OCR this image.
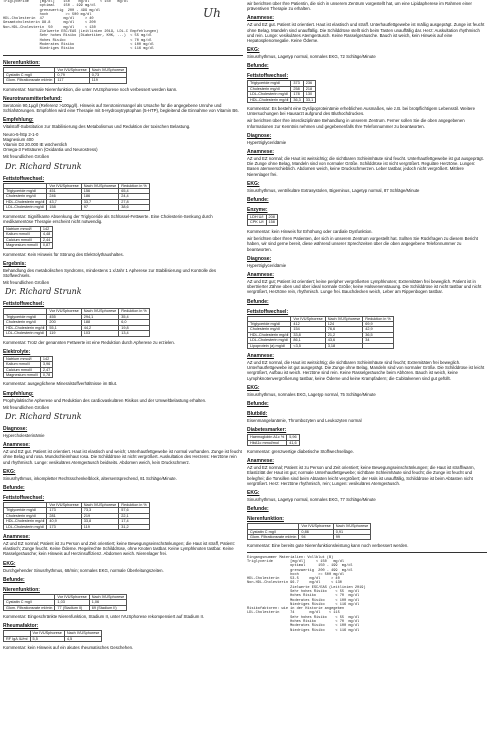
Triglyceride     [mg/dl]    150    mg/dl     < 150   mg/dl
optimal    150 - 199 mg/dl
grenzwertig  200 - 499 mg/dl
hoch        >= 500 mg/dl
HDL-Cholesterin  47         mg/dl     > 40
Gesamtcholesterin 98.8      mg/dl     < 200
Non-HDL-Cholesterin  50     mg/dl     < 130
Zielwerte ESC/EAS (Leitlinien 2019, LDL-C Empfehlungen)
Sehr hohes Risiko (Diabetiker, KHK, ...)  < 55 mg/dl
Hohes Risiko                              < 70 mg/dl
Moderates Risiko                          < 100 mg/dl
Niedriges Risiko                          < 116 mg/dl
Uh
Nierenfunktion:
	Vor IVUSphorese	Nach IVUSphorese
Cystatin C mg/l	0,79	0,73
Glom. Filtrationsrate ml/min	117	119
Kommentar: Normale Nierenfunktion, die unter IVUSphorese noch verbessert werden kann.
Neurotransmitterbefund:
Serotonin 90,1µg/l (Referenz >100µg/l). Hinweis auf Serotoninmangel als Ursache für die angegebene Unruhe und Schlafstörungen. Empfohlen wird eine Therapie mit 5-Hydroxytryptophan (5-HTP), begleitend die Einnahme von Vitamin B6.
Empfehlung:
Vitalstoff-Substitution zur Stabilisierung des Metabolismus und Reduktion der toxischen Belastung.
Neuro-5-http 2-1-0
Magnesium 400
Vitamin D3 20.000 IE wöchentlich
Omega-3 Fettsäuren (Oxidantia und Neurostress)
Mit freundlichen Grüßen
Dr. Richard Strunk
Fettstoffwechsel:
	Vor IVUSphorese	Nach IVUSphorese	Reduktion in %
Triglyceride mg/dl	451	156	65,4
Cholesterin mg/dl	246	186	24,4
HDL-Cholesterin mg/dl	43,7	33,7	27,8
LDL-Cholesterin mg/dl	158	97	38,6
Kommentar: Signifikante Absenkung der Triglyceride als Schlüssel-Fettwerte. Eine Cholesterin-Senkung durch medikamentöse Therapie erscheint nicht notwendig.
Natrium mmol/l	142
Kalium mmol/l	4,48
Calcium mmol/l	2,44
Magnesium mmol/l	0,87
Kommentar: Kein Hinweis für Störung des Elektrolythaushaltes.
Ergebnis:
Behandlung des metabolischen Syndroms, mindestens 1 x/Jahr 1 Apherese zur Stabilisierung und Kontrolle des Stoffwechsels.
Mit freundlichen Grüßen
Dr. Richard Strunk
Fettstoffwechsel:
	Vor IVUSphorese	Nach IVUSphorese	Reduktion in %
Triglyceride mg/dl	455	294,1	35,4
Cholesterin mg/dl	200	188	6,0
HDL-Cholesterin mg/dl	55,1	44,2	19,8
LDL-Cholesterin mg/dl	119	103	13,4
Kommentar: Trotz der genannten Fettwerte ist eine Reduktion durch Apherese zu erzielen.
Elektrolyte:
Natrium mmol/l	142
Kalium mmol/l	3,96
Calcium mmol/l	2,47
Magnesium mmol/l	0,78
Kommentar: ausgeglichene Mineralstoffverhältnisse im Blut.
Empfehlung:
Prophylaktische Apherese und Reduktion des cardiovaskulären Risikos und der Umweltbelastung erhalten.
Mit freundlichen Grüßen
Dr. Richard Strunk
Diagnose:
Hypercholesterinämie
Anamnese:
AZ und EZ gut. Patient ist orientiert. Haut ist elastisch und weich; Unterhautfettgewebe ist normal vorhanden. Zunge ist feucht ohne Belag und rosa. Mundschleimhaut rosa. Die Schilddrüse ist nicht vergrößert. Auskultation des Herzens: Herztöne rein und rhythmisch. Lunge: vesikuläres Atemgeräusch beidseits. Abdomen weich, kein Druckschmerz.
EKG:
Sinusrhythmus, inkompletter Rechtsschenkelblock, altersentsprechend, 81 Schläge/Minute.
Befunde:
Fettstoffwechsel:
	Vor IVUSphorese	Nach IVUSphorese	Reduktion in %
Triglyceride mg/dl	173	73,3	57,6
Cholesterin mg/dl	281	219	22,1
HDL-Cholesterin mg/dl	40,9	33,8	17,4
LDL-Cholesterin mg/dl	173	119	31,2
Anamnese:
AZ und EZ normal; Patient ist zu Person und Zeit orientiert; keine Bewegungseinschränkungen; die Haut ist straff, Patient: elastisch; Zunge feucht. Keine Ödeme. Regelrechte Schilddrüse, ohne Knoten tastbar. Keine Lymphknoten tastbar. Keine Rasselgeräusche; kein Hinweis auf Herzinsuffizienz. Abdomen weich. Nierenlager frei.
EKG:
Durchgehender Sinusrhythmus, 68/min; normales EKG, normale Überleitungszeiten.
Befunde:
Nierenfunktion:
	Vor IVUSphorese	Nach IVUSphorese
Cystatin C mg/l	1,03	1,06
Glom. Filtrationsrate ml/min	77 (Stadium II)	69 (Stadium II)
Kommentar: Eingeschränkte Nierenfunktion, Stadium II, unter IVUSphorese rekompensiert auf Stadium II.
Rheumafaktor:
	Vor IVUSphorese	Nach IVUSphorese
RF IgA IU/ml	5,5	4,5
Kommentar: kein Hinweis auf ein akutes rheumatisches Geschehen.
wir berichten über Ihre Patientin, die sich in unserem Zentrum vorgestellt hat, um eine Lipidapherese im Rahmen einer präventiven Therapie zu erhalten.
Anamnese:
AZ und EZ gut. Patient ist orientiert. Haut ist elastisch und straff. Unterhautfettgewebe ist mäßig ausgeprägt. Zunge ist feucht ohne Belag. Mandeln sind unauffällig. Die Schilddrüse stellt sich beim Tasten unauffällig dar. Herz: Auskultation rhythmisch und rein. Lunge: vesikuläres Atemgeräusch. Keine Rasselgeräusche. Bauch ist weich, kein Hinweis auf eine Hepatosplenomegalie. Keine Ödeme.
EKG:
Sinusrhythmus, Lagetyp normal, normales EKG, 72 Schläge/Minute
Befunde:
Fettstoffwechsel:
Triglyceride mg/dl	373	236
Cholesterin mg/dl	258	218
LDL-Cholesterin mg/dl	178	130
HDL-Cholesterin mg/dl	36,3	33,1
Kommentar: Es besteht eine Dyslipoproteinämie erheblichen Ausmaßes, wie z.B. bei brotpflichtigem Lebensstil. Weitere Untersuchungen bei Hausarzt aufgrund des Bluthochdruckes.
wir berichten über Ihre interdisziplinäre Behandlung in unserem Zentrum. Ferner sollen Sie die oben angegebenen Informationen zur Kenntnis nehmen und gegebenenfalls Ihre Telefonnummer zu beantworten.
Diagnose:
Hypertriglyceridämie
Anamnese:
AZ und EZ normal; die Haut ist weitsichtig; die sichtbaren Schleimhäute sind feucht. Unterhautfettgewebe ist gut ausgeprägt. Die Zunge ohne Belag, Mandeln sind von normaler Größe. Schilddrüse ist nicht vergrößert. Reguläre Herztöne. Lungen: Basen atemverschieblich. Abdomen weich, keine Druckschmerzen. Leber tastbar, jedoch nicht vergrößert. Mittlere Nierenlager frei.
EKG:
Sinusrhythmus, ventrikuläre Extrasystolen, Bigeminus, Lagetyp normal, 87 Schläge/Minute
Befunde:
Enzyme:
LDH U/l	208
CPK U/l	158
Kommentar: kein Hinweis für Erhöhung oder cardiale Dysfunktion.
wir berichten über Ihren Patienten, der sich in unserem Zentrum vorgestellt hat. Sollten Sie Rückfragen zu diesem Bericht haben, wir sind gerne bereit, diese während unserer Sprechzeiten über die oben angegebene Telefonnummer zu beantworten.
Diagnose:
Hypertriglyceridämie
Anamnese:
AZ und EZ gut; Patient ist orientiert; keine peripher vergrößerten Lymphknoten; Extremitäten frei beweglich. Patient ist in übertrierter Zähne oben und über ideal normale Größe; keine Halsvenenstauung. Die Schilddrüse ist nicht tastbar und nicht vergrößert, Herztöne rein, rhythmisch. Lunge frei. Bauchdecken weich, Leber am Rippenbogen tastbar.
Befunde:
Fettstoffwechsel:
	Vor IVUSphorese	Nach IVUSphorese	Reduktion in %
Triglyceride mg/dl	412	124	69,9
Cholesterin mg/dl	154	76,6	42,9
HDL-Cholesterin mg/dl	33,8	21,2	36,5
LDL-Cholesterin mg/dl	86,1	43,6	34
Lipoprotein (a) mg/dl	<3,5	3,18	
Anamnese:
AZ und EZ normal, die Haut ist weitsichtig; die sichtbaren Schleimhäute sind feucht; Extremitäten frei beweglich. Unterhautfettgewebe ist gut ausgeprägt. Die Zunge ohne Belag, Mandeln sind von normaler Größe. Die Schilddrüse ist leicht vergrößert, Aufbau ist weich. Herztöne sind rein. Keine Rasselgeräusche beim Abhören. Bauch ist weich, keine Lymphknotenvergrößerung tastbar, keine Ödeme und keine Krampfadern; die Cubitalvenen sind gut gefüllt.
EKG:
Sinusrhythmus, normales EKG, Lagetyp normal, 75 Schläge/Minute
Befunde:
Blutbild:
Eisenmangelanämie, Thrombozyten und Leukozyten normal
Diabetesmarker:
Haemoglobin A1c %	5,96
HbA1c mmol/mol	41,6
Kommentar: grenzwertige diabetische Stoffwechsellage.
Anamnese:
AZ und EZ normal; Patient ist zu Person und Zeit orientiert; keine Bewegungseinschränkungen; die Haut ist straff/warm, Elastizität der Haut ist gut; normale Unterhautfettgewebe; sichtbare Schleimhäute sind feucht; die Zunge ist feucht und belegfrei; die Tonsillen sind beim Abtasten leicht vergrößert; der Hals ist unauffällig, Schilddrüse ist beim Abtasten nicht vergrößert. Herz: Herztöne rhythmisch, rein; Lungen: vesikuläres Atemgeräusch.
EKG:
Sinusrhythmus, Lagetyp normal, normales EKG, 77 Schläge/Minute
Befunde:
Nierenfunktion:
	Vor IVUSphorese	Nach IVUSphorese
Cystatin C mg/l	0,86	0,91
Glom. Filtrationsrate ml/min	94	99
Kommentar: Eine bereits gute Nierenfunktionsleistung kann noch verbessert werden.
Eingangsnummer Materialien: Vollblut (B)
Triglyceride        [mg/dl]     < 150   mg/dl
optimal      150 - 199  mg/dl
grenzwertig  200 - 499  mg/dl
hoch         >= 500 mg/dl
HDL-Cholesterin     53.5     mg/dl     > 40
Non-HDL-Cholesterin 96.7     mg/dl     < 130
Zielwerte ESC/EAS (Leitlinien 2019)
Sehr hohes Risiko    < 55  mg/dl
Hohes Risiko         < 70  mg/dl
Moderates Risiko     < 100 mg/dl
Niedriges Risiko     < 116 mg/dl
Risikofaktoren: wie in der Historie angegeben
LDL-Cholesterin     74       mg/dl    < 115
Sehr hohes Risiko    < 55  mg/dl
Hohes Risiko         < 70  mg/dl
Moderates Risiko     < 100 mg/dl
Niedriges Risiko     < 116 mg/dl
